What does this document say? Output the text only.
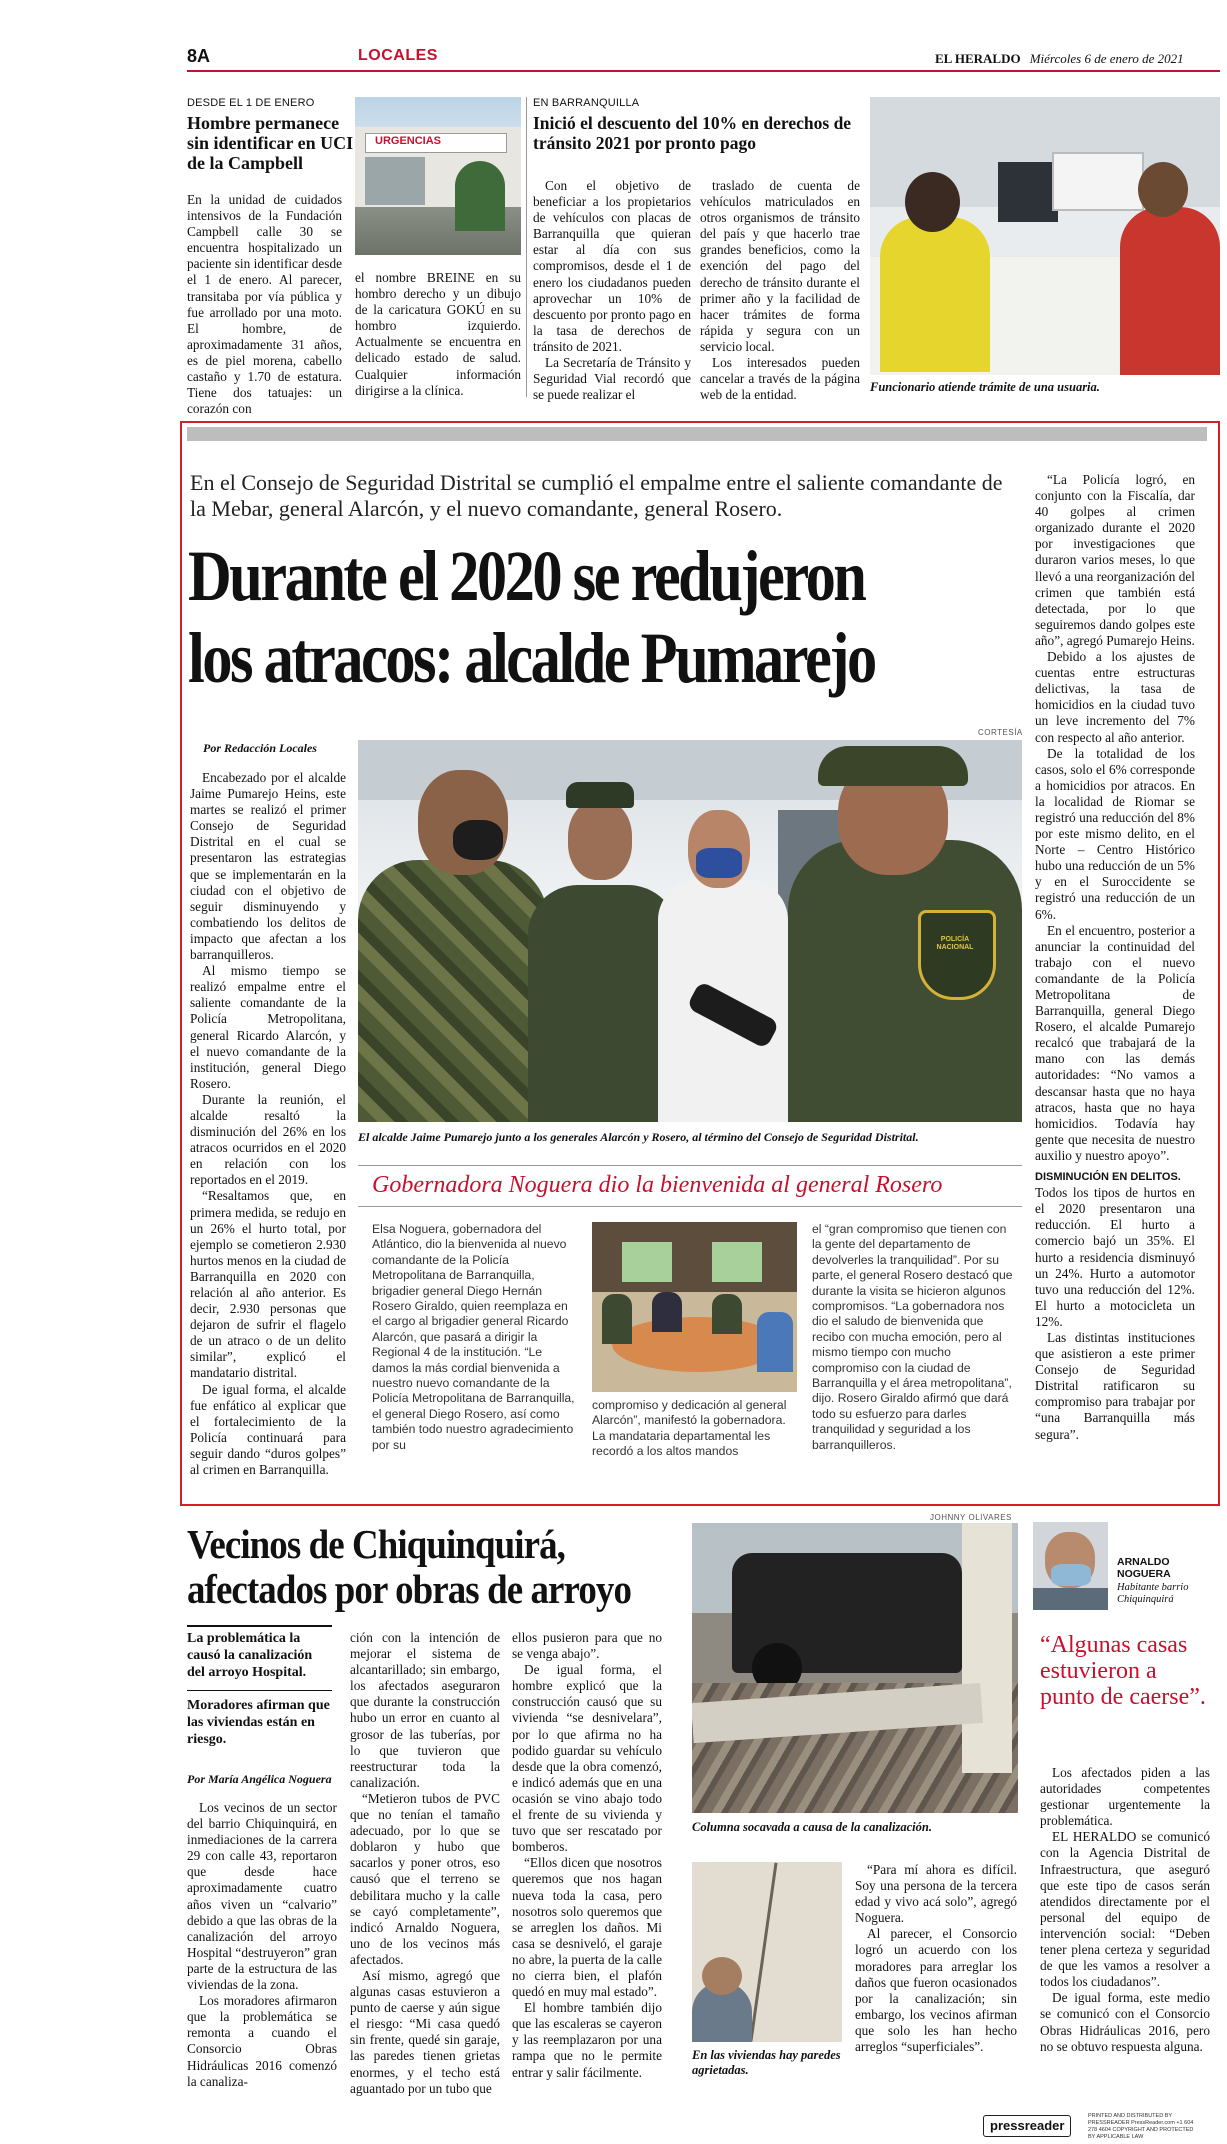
8A	LOCALES	EL HERALDO Miércoles 6 de enero de 2021
DESDE EL 1 DE ENERO
Hombre permanece sin identificar en UCI de la Campbell
En la unidad de cuidados intensivos de la Fundación Campbell calle 30 se encuentra hospitalizado un paciente sin identificar desde el 1 de enero. Al parecer, transitaba por vía pública y fue arrollado por una moto. El hombre, de aproximadamente 31 años, es de piel morena, cabello castaño y 1.70 de estatura. Tiene dos tatuajes: un corazón con
URGENCIAS
el nombre BREINE en su hombro derecho y un dibujo de la caricatura GOKÚ en su hombro izquierdo. Actualmente se encuentra en delicado estado de salud. Cualquier información dirigirse a la clínica.
EN BARRANQUILLA
Inició el descuento del 10% en derechos de tránsito 2021 por pronto pago

Con el objetivo de beneficiar a los propietarios de vehículos con placas de Barranquilla que quieran estar al día con sus compromisos, desde el 1 de enero los ciudadanos pueden aprovechar un 10% de descuento por pronto pago en la tasa de derechos de tránsito de 2021.

La Secretaría de Tránsito y Seguridad Vial recordó que se puede realizar el

traslado de cuenta de vehículos matriculados en otros organismos de tránsito del país y que hacerlo trae grandes beneficios, como la exención del pago del derecho de tránsito durante el primer año y la facilidad de hacer trámites de forma rápida y segura con un servicio local.

Los interesados pueden cancelar a través de la página web de la entidad.

Funcionario atiende trámite de una usuaria.
En el Consejo de Seguridad Distrital se cumplió el empalme entre el saliente comandante de la Mebar, general Alarcón, y el nuevo comandante, general Rosero.
Durante el 2020 se redujeron
los atracos: alcalde Pumarejo
Por Redacción Locales

Encabezado por el alcalde Jaime Pumarejo Heins, este martes se realizó el primer Consejo de Seguridad Distrital en el cual se presentaron las estrategias que se implementarán en la ciudad con el objetivo de seguir disminuyendo y combatiendo los delitos de impacto que afectan a los barranquilleros.

Al mismo tiempo se realizó empalme entre el saliente comandante de la Policía Metropolitana, general Ricardo Alarcón, y el nuevo comandante de la institución, general Diego Rosero.

Durante la reunión, el alcalde resaltó la disminución del 26% en los atracos ocurridos en el 2020 en relación con los reportados en el 2019.

“Resaltamos que, en primera medida, se redujo en un 26% el hurto total, por ejemplo se cometieron 2.930 hurtos menos en la ciudad de Barranquilla en 2020 con relación al año anterior. Es decir, 2.930 personas que dejaron de sufrir el flagelo de un atraco o de un delito similar”, explicó el mandatario distrital.

De igual forma, el alcalde fue enfático al explicar que el fortalecimiento de la Policía continuará para seguir dando “duros golpes” al crimen en Barranquilla.

CORTESÍA
POLICÍA NACIONAL
El alcalde Jaime Pumarejo junto a los generales Alarcón y Rosero, al término del Consejo de Seguridad Distrital.

“La Policía logró, en conjunto con la Fiscalía, dar 40 golpes al crimen organizado durante el 2020 por investigaciones que duraron varios meses, lo que llevó a una reorganización del crimen que también está detectada, por lo que seguiremos dando golpes este año”, agregó Pumarejo Heins.

Debido a los ajustes de cuentas entre estructuras delictivas, la tasa de homicidios en la ciudad tuvo un leve incremento del 7% con respecto al año anterior.

De la totalidad de los casos, solo el 6% corresponde a homicidios por atracos. En la localidad de Riomar se registró una reducción del 8% por este mismo delito, en el Norte – Centro Histórico hubo una reducción de un 5% y en el Suroccidente se registró una reducción de un 6%.

En el encuentro, posterior a anunciar la continuidad del trabajo con el nuevo comandante de la Policía Metropolitana de Barranquilla, general Diego Rosero, el alcalde Pumarejo recalcó que trabajará de la mano con las demás autoridades: “No vamos a descansar hasta que no haya atracos, hasta que no haya homicidios. Todavía hay gente que necesita de nuestro auxilio y nuestro apoyo”.

DISMINUCIÓN EN DELITOS.

Todos los tipos de hurtos en el 2020 presentaron una reducción. El hurto a comercio bajó un 35%. El hurto a residencia disminuyó un 24%. Hurto a automotor tuvo una reducción del 12%. El hurto a motocicleta un 12%.

Las distintas instituciones que asistieron a este primer Consejo de Seguridad Distrital ratificaron su compromiso para trabajar por “una Barranquilla más segura”.

Gobernadora Noguera dio la bienvenida al general Rosero
Elsa Noguera, gobernadora del Atlántico, dio la bienvenida al nuevo comandante de la Policía Metropolitana de Barranquilla, brigadier general Diego Hernán Rosero Giraldo, quien reemplaza en el cargo al brigadier general Ricardo Alarcón, que pasará a dirigir la Regional 4 de la institución. “Le damos la más cordial bienvenida a nuestro nuevo comandante de la Policía Metropolitana de Barranquilla, el general Diego Rosero, así como también todo nuestro agradecimiento por su
compromiso y dedicación al general Alarcón”, manifestó la gobernadora. La mandataria departamental les recordó a los altos mandos
el “gran compromiso que tienen con la gente del departamento de devolverles la tranquilidad”. Por su parte, el general Rosero destacó que durante la visita se hicieron algunos compromisos. “La gobernadora nos dio el saludo de bienvenida que recibo con mucha emoción, pero al mismo tiempo con mucho compromiso con la ciudad de Barranquilla y el área metropolitana”, dijo. Rosero Giraldo afirmó que dará todo su esfuerzo para darles tranquilidad y seguridad a los barranquilleros.
Vecinos de Chiquinquirá,
afectados por obras de arroyo
La problemática la causó la canalización del arroyo Hospital.
Moradores afirman que las viviendas están en riesgo.
Por María Angélica Noguera

Los vecinos de un sector del barrio Chiquinquirá, en inmediaciones de la carrera 29 con calle 43, reportaron que desde hace aproximadamente cuatro años viven un “calvario” debido a que las obras de la canalización del arroyo Hospital “destruyeron” gran parte de la estructura de las viviendas de la zona.

Los moradores afirmaron que la problemática se remonta a cuando el Consorcio Obras Hidráulicas 2016 comenzó la canaliza-

ción con la intención de mejorar el sistema de alcantarillado; sin embargo, los afectados aseguraron que durante la construcción hubo un error en cuanto al grosor de las tuberías, por lo que tuvieron que reestructurar toda la canalización.

“Metieron tubos de PVC que no tenían el tamaño adecuado, por lo que se doblaron y hubo que sacarlos y poner otros, eso causó que el terreno se debilitara mucho y la calle se cayó completamente”, indicó Arnaldo Noguera, uno de los vecinos más afectados.

Así mismo, agregó que algunas casas estuvieron a punto de caerse y aún sigue el riesgo: “Mi casa quedó sin frente, quedé sin garaje, las paredes tienen grietas enormes, y el techo está aguantado por un tubo que

ellos pusieron para que no se venga abajo”.

De igual forma, el hombre explicó que la construcción causó que su vivienda “se desnivelara”, por lo que afirma no ha podido guardar su vehículo desde que la obra comenzó, e indicó además que en una ocasión se vino abajo todo el frente de su vivienda y tuvo que ser rescatado por bomberos.

“Ellos dicen que nosotros queremos que nos hagan nueva toda la casa, pero nosotros solo queremos que se arreglen los daños. Mi casa se desniveló, el garaje no abre, la puerta de la calle no cierra bien, el plafón quedó en muy mal estado”.

El hombre también dijo que las escaleras se cayeron y las reemplazaron por una rampa que no le permite entrar y salir fácilmente.

JOHNNY OLIVARES
Columna socavada a causa de la canalización.
En las viviendas hay paredes agrietadas.

“Para mí ahora es difícil. Soy una persona de la tercera edad y vivo acá solo”, agregó Noguera.

Al parecer, el Consorcio logró un acuerdo con los moradores para arreglar los daños que fueron ocasionados por la canalización; sin embargo, los vecinos afirman que solo les han hecho arreglos “superficiales”.

ARNALDO NOGUERA
Habitante barrio Chiquinquirá
“Algunas casas estuvieron a punto de caerse”.

Los afectados piden a las autoridades competentes gestionar urgentemente la problemática.

EL HERALDO se comunicó con la Agencia Distrital de Infraestructura, que aseguró que este tipo de casos serán atendidos directamente por el personal del equipo de intervención social: “Deben tener plena certeza y seguridad de que les vamos a resolver a todos los ciudadanos”.

De igual forma, este medio se comunicó con el Consorcio Obras Hidráulicas 2016, pero no se obtuvo respuesta alguna.

pressreader
PRINTED AND DISTRIBUTED BY PRESSREADER PressReader.com +1 604 278 4604 COPYRIGHT AND PROTECTED BY APPLICABLE LAW
